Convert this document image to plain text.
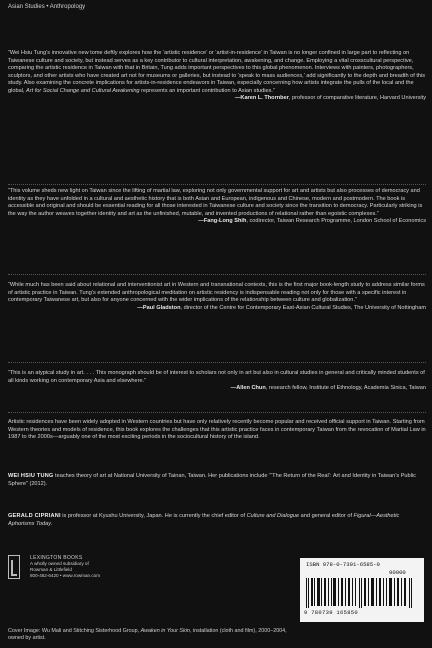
Asian Studies • Anthropology

“Wei Hsiu Tung’s innovative new tome deftly explores how the ‘artistic residence’ or ‘artist-in-residence’ in Taiwan is no longer confined in large part to reflecting on Taiwanese culture and society, but instead serves as a key contributor to cultural interpretation, awakening, and change. Employing a vital crosscultural perspective, comparing the artistic residence in Taiwan with that in Britain, Tung adds important perspectives to this global phenomenon. Interviews with painters, photographers, sculptors, and other artists who have created art not for museums or galleries, but instead to ‘speak to mass audiences,’ add significantly to the depth and breadth of this study. Also examining the concrete implications for artists-in-residence endeavors in Taiwan, especially concerning how artists integrate the pulls of the local and the global, Art for Social Change and Cultural Awakening represents an important contribution to Asian studies.”

—Karen L. Thornber, professor of comparative literature, Harvard University

“This volume sheds new light on Taiwan since the lifting of martial law, exploring not only governmental support for art and artists but also processes of democracy and identity as they have unfolded in a cultural and aesthetic history that is both Asian and European, indigenous and Chinese, modern and postmodern. The book is accessible and original and should be essential reading for all those interested in Taiwanese culture and society since the transition to democracy. Particularly striking is the way the author weaves together identity and art as the unfinished, mutable, and invented productions of relational rather than egoistic complexes.”

—Fang-Long Shih, codirector, Taiwan Research Programme, London School of Economics

“While much has been said about relational and interventionist art in Western and transnational contexts, this is the first major book-length study to address similar forms of artistic practice in Taiwan. Tung’s extended anthropological meditation on artistic residency is indispensable reading not only for those with a specific interest in contemporary Taiwanese art, but also for anyone concerned with the wider implications of the relationship between culture and globalization.”

—Paul Gladston, director of the Centre for Contemporary East-Asian Cultural Studies, The University of Nottingham

“This is an atypical study in art. . . . This monograph should be of interest to scholars not only in art but also in cultural studies in general and critically minded students of all kinds working on contemporary Asia and elsewhere.”

—Allen Chun, research fellow, Institute of Ethnology, Academia Sinica, Taiwan

Artistic residences have been widely adopted in Western countries but have only relatively recently become popular and received official support in Taiwan. Starting from Western theories and models of residence, this book explores the challenges that this artistic practice faces in contemporary Taiwan from the revocation of Martial Law in 1987 to the 2000s—arguably one of the most exciting periods in the sociocultural history of the island.
WEI HSIU TUNG teaches theory of art at National University of Tainan, Taiwan. Her publications include “‘The Return of the Real’: Art and Identity in Taiwan’s Public Sphere” (2012).
GERALD CIPRIANI is professor at Kyushu University, Japan. He is currently the chief editor of Culture and Dialogue and general editor of Figural—Aesthetic Aphorisms Today.
LEXINGTON BOOKS
A wholly owned subsidiary of
Rowman & Littlefield
800-462-6420 • www.rowman.com
ISBN 978-0-7391-6585-0
90000
9 780739 165850
Cover Image: Wu Mali and Stitching Sisterhood Group, Awaken in Your Skin, installation (cloth and film), 2000–2004, owned by artist.
